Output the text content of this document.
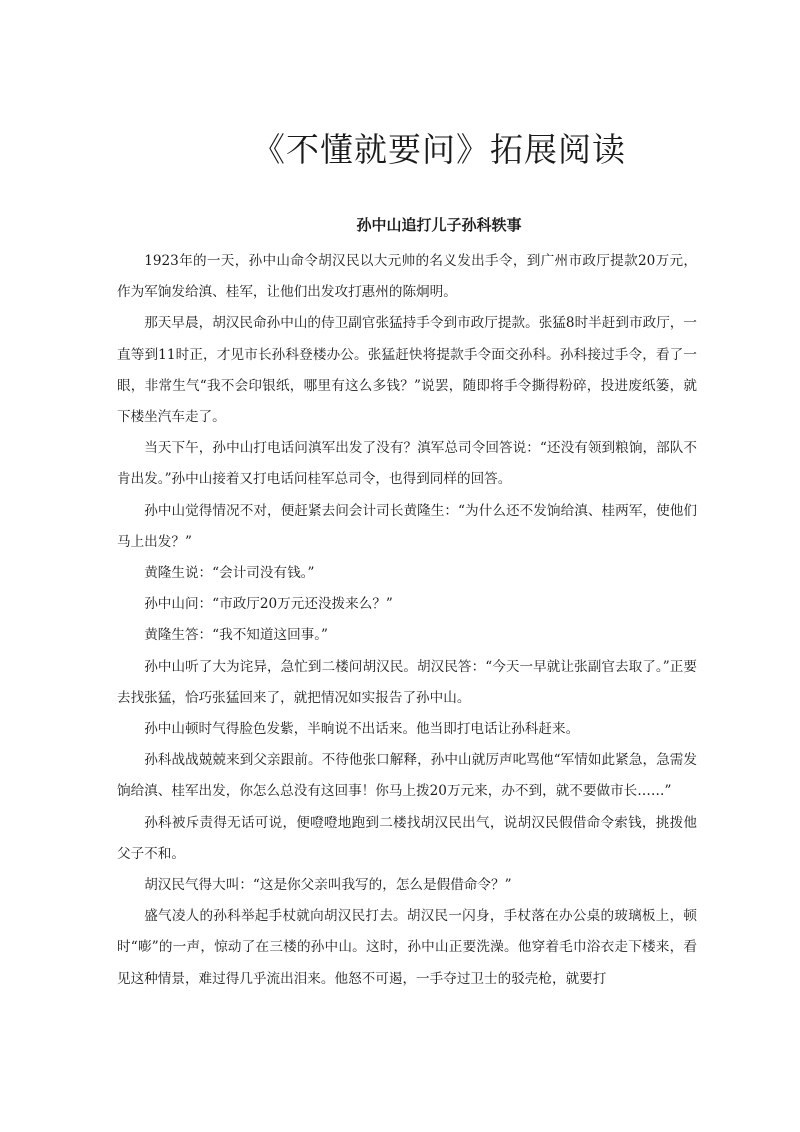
《不懂就要问》拓展阅读
孙中山追打儿子孙科轶事

1923年的一天，孙中山命令胡汉民以大元帅的名义发出手令，到广州市政厅提款20万元，作为军饷发给滇、桂军，让他们出发攻打惠州的陈炯明。

那天早晨，胡汉民命孙中山的侍卫副官张猛持手令到市政厅提款。张猛8时半赶到市政厅，一直等到11时正，才见市长孙科登楼办公。张猛赶快将提款手令面交孙科。孙科接过手令，看了一眼，非常生气“我不会印银纸，哪里有这么多钱？”说罢，随即将手令撕得粉碎，投进废纸篓，就下楼坐汽车走了。

当天下午，孙中山打电话问滇军出发了没有？滇军总司令回答说：“还没有领到粮饷，部队不肯出发。”孙中山接着又打电话问桂军总司令，也得到同样的回答。

孙中山觉得情况不对，便赶紧去问会计司长黄隆生：“为什么还不发饷给滇、桂两军，使他们马上出发？”

黄隆生说：“会计司没有钱。”

孙中山问：“市政厅20万元还没拨来么？”

黄隆生答：“我不知道这回事。”

孙中山听了大为诧异，急忙到二楼问胡汉民。胡汉民答：“今天一早就让张副官去取了。”正要去找张猛，恰巧张猛回来了，就把情况如实报告了孙中山。

孙中山顿时气得脸色发紫，半晌说不出话来。他当即打电话让孙科赶来。

孙科战战兢兢来到父亲跟前。不待他张口解释，孙中山就厉声叱骂他“军情如此紧急，急需发饷给滇、桂军出发，你怎么总没有这回事！你马上拨20万元来，办不到，就不要做市长……”

孙科被斥责得无话可说，便噔噔地跑到二楼找胡汉民出气，说胡汉民假借命令索钱，挑拨他父子不和。

胡汉民气得大叫：“这是你父亲叫我写的，怎么是假借命令？”

盛气凌人的孙科举起手杖就向胡汉民打去。胡汉民一闪身，手杖落在办公桌的玻璃板上，顿时“嘭”的一声，惊动了在三楼的孙中山。这时，孙中山正要洗澡。他穿着毛巾浴衣走下楼来，看见这种情景，难过得几乎流出泪来。他怒不可遏，一手夺过卫士的驳壳枪，就要打
